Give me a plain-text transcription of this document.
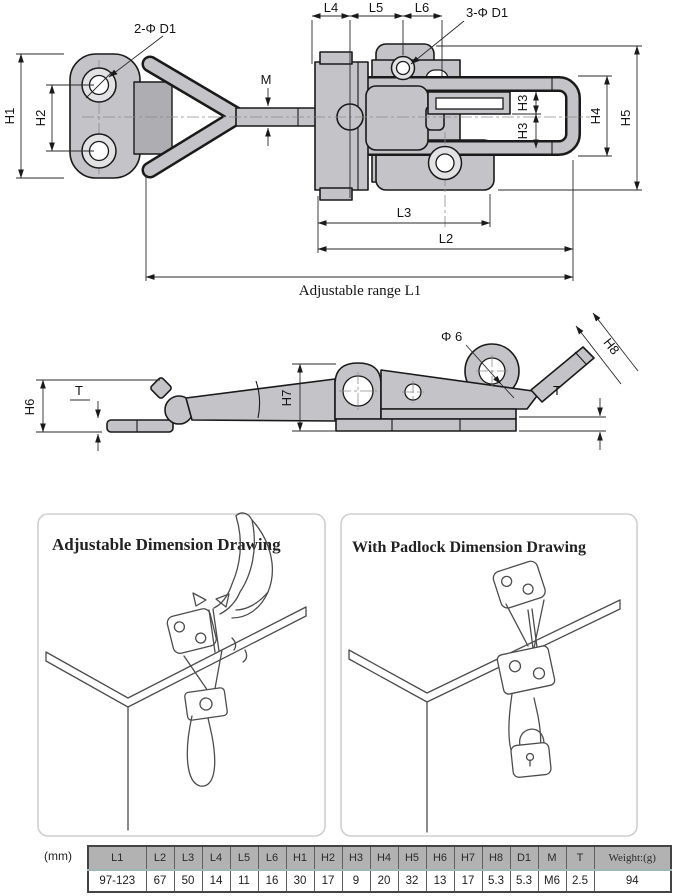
H1 H2
2-Φ D1
M
L4 L5 L6	3-Φ D1
H3
H3
H4 H5
L3
L2
Adjustable range L1
H6
T	H7
Φ 6	H8
T
Adjustable Dimension Drawing	With Padlock Dimension Drawing
(mm)	L1	L2	L3	L4	L5	L6	H1	H2	H3	H4	H5	H6	H7	H8	D1	M	T	Weight:(g)
97-123	67	50	14	11	16	30	17	9	20	32	13	17	5.3	5.3	M6	2.5	94
